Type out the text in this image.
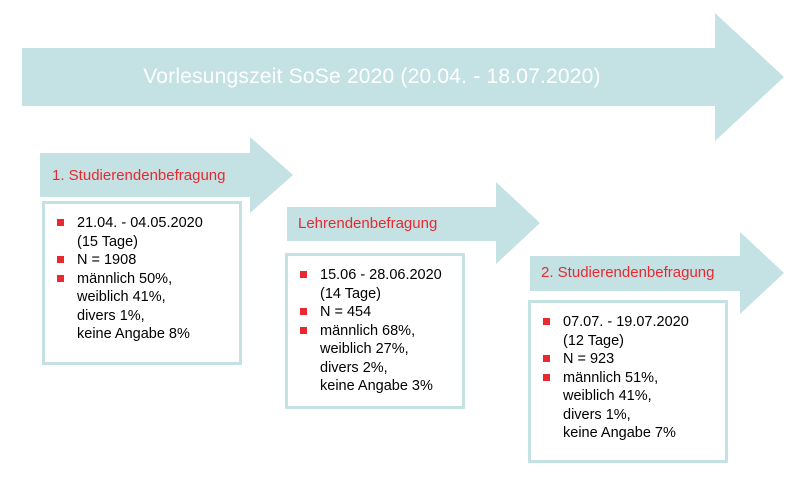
Vorlesungszeit SoSe 2020 (20.04. - 18.07.2020)
1. Studierendenbefragung
Lehrendenbefragung
2. Studierendenbefragung
21.04. - 04.05.2020
(15 Tage)
N = 1908
männlich 50%,
weiblich 41%,
divers 1%,
keine Angabe 8%
15.06 - 28.06.2020
(14 Tage)
N = 454
männlich 68%,
weiblich 27%,
divers 2%,
keine Angabe 3%
07.07. - 19.07.2020
(12 Tage)
N = 923
männlich 51%,
weiblich 41%,
divers 1%,
keine Angabe 7%
